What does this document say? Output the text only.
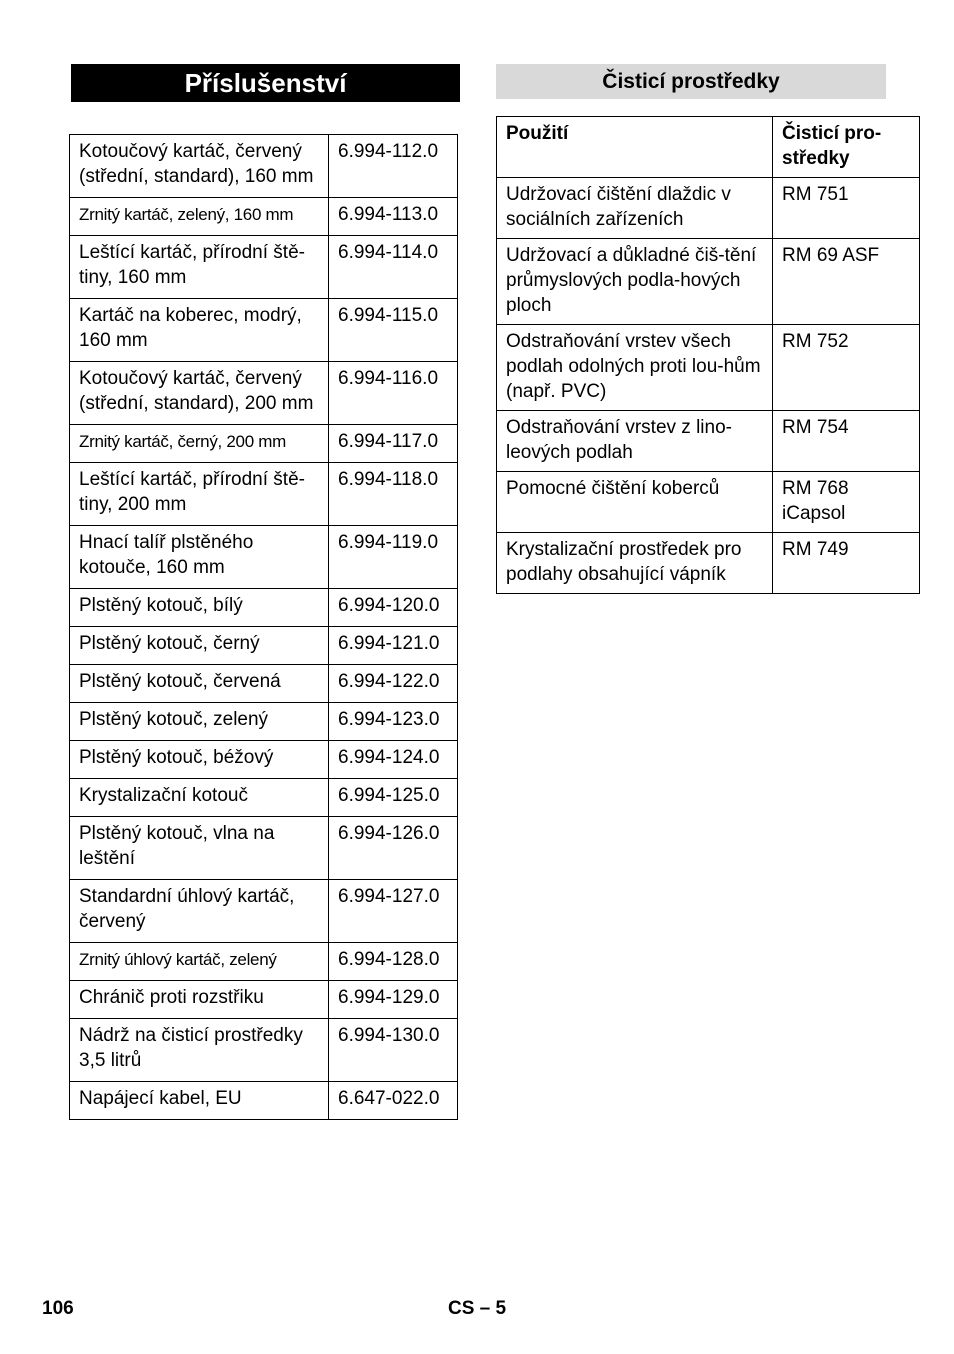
Příslušenství
Kotoučový kartáč, červený (střední, standard), 160 mm	6.994-112.0
Zrnitý kartáč, zelený, 160 mm	6.994-113.0
Leštící kartáč, přírodní ště-tiny, 160 mm	6.994-114.0
Kartáč na koberec, modrý, 160 mm	6.994-115.0
Kotoučový kartáč, červený (střední, standard), 200 mm	6.994-116.0
Zrnitý kartáč, černý, 200 mm	6.994-117.0
Leštící kartáč, přírodní ště-tiny, 200 mm	6.994-118.0
Hnací talíř plstěného kotouče, 160 mm	6.994-119.0
Plstěný kotouč, bílý	6.994-120.0
Plstěný kotouč, černý	6.994-121.0
Plstěný kotouč, červená	6.994-122.0
Plstěný kotouč, zelený	6.994-123.0
Plstěný kotouč, béžový	6.994-124.0
Krystalizační kotouč	6.994-125.0
Plstěný kotouč, vlna na leštění	6.994-126.0
Standardní úhlový kartáč, červený	6.994-127.0
Zrnitý úhlový kartáč, zelený	6.994-128.0
Chránič proti rozstřiku	6.994-129.0
Nádrž na čisticí prostředky 3,5 litrů	6.994-130.0
Napájecí kabel, EU	6.647-022.0
Čisticí prostředky
Použití	Čisticí pro-středky
Udržovací čištění dlaždic v sociálních zařízeních	RM 751
Udržovací a důkladné čiš-tění průmyslových podla-hových ploch	RM 69 ASF
Odstraňování vrstev všech podlah odolných proti lou-hům (např. PVC)	RM 752
Odstraňování vrstev z lino-leových podlah	RM 754
Pomocné čištění koberců	RM 768 iCapsol
Krystalizační prostředek pro podlahy obsahující vápník	RM 749
106	CS – 5
